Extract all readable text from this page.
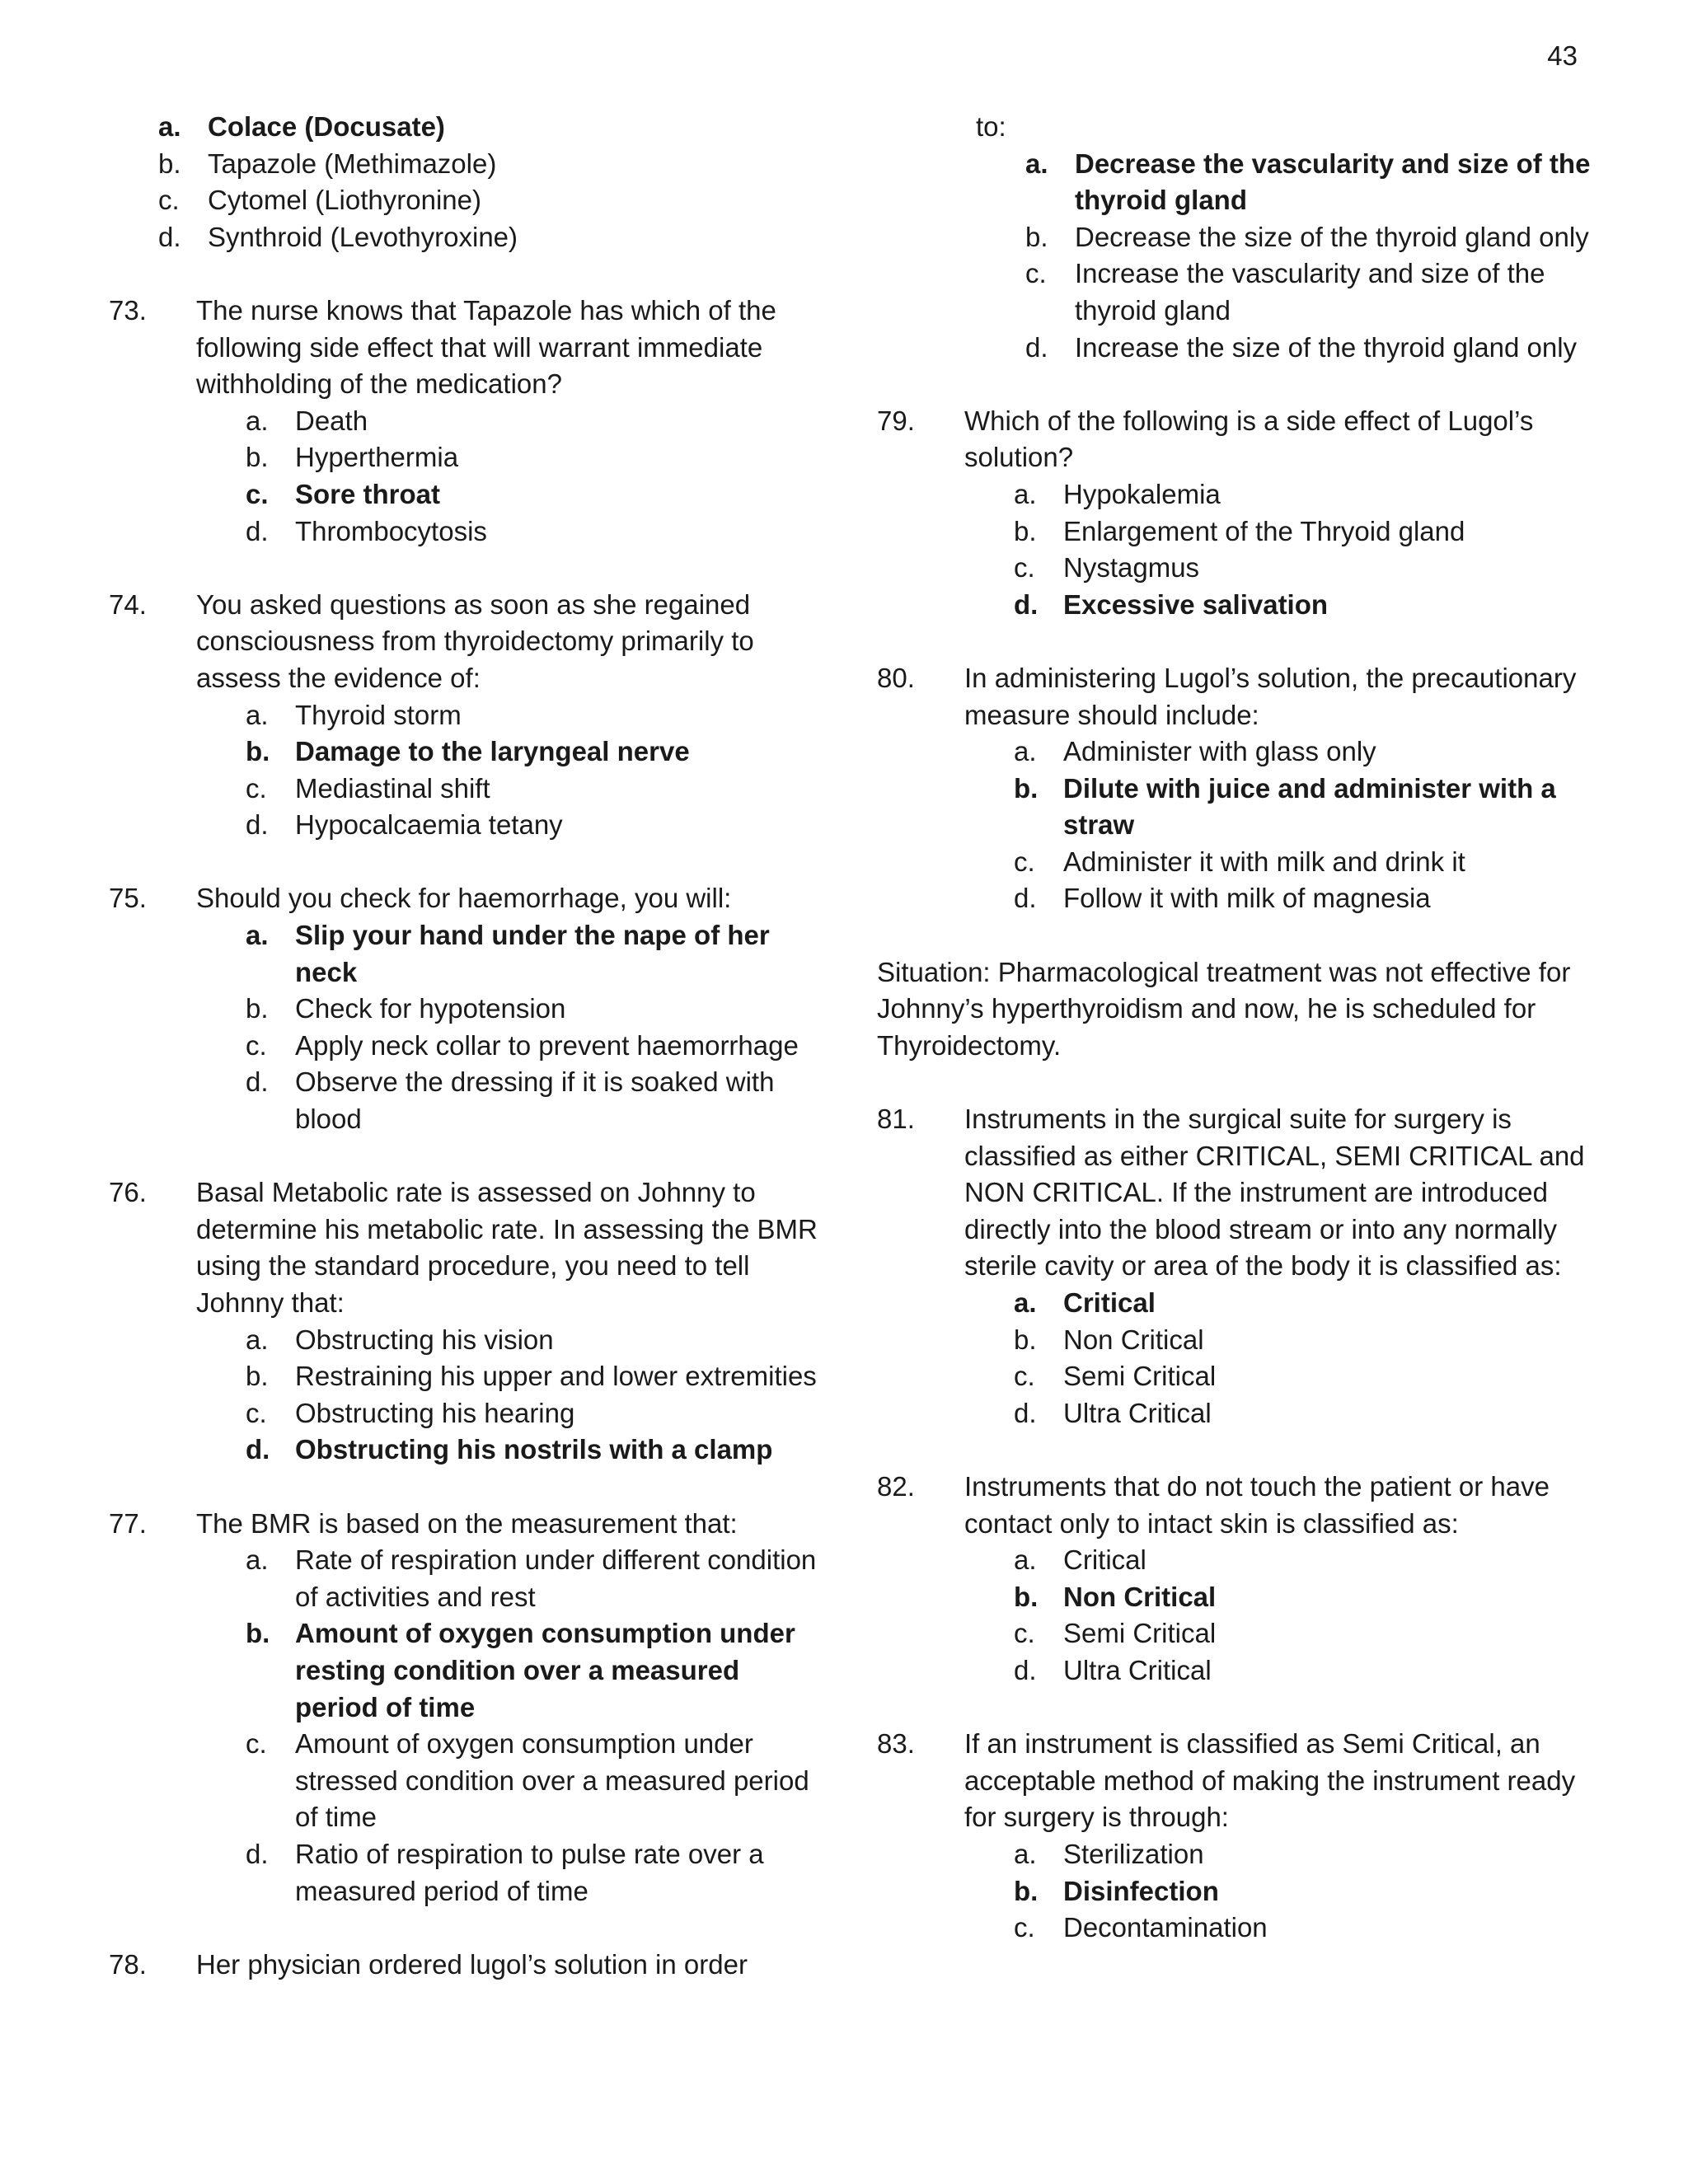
43
a. Colace (Docusate)
b. Tapazole (Methimazole)
c. Cytomel (Liothyronine)
d. Synthroid (Levothyroxine)
73. The nurse knows that Tapazole has which of the following side effect that will warrant immediate withholding of the medication?
a. Death
b. Hyperthermia
c. Sore throat
d. Thrombocytosis
74. You asked questions as soon as she regained consciousness from thyroidectomy primarily to assess the evidence of:
a. Thyroid storm
b. Damage to the laryngeal nerve
c. Mediastinal shift
d. Hypocalcaemia tetany
75. Should you check for haemorrhage, you will:
a. Slip your hand under the nape of her neck
b. Check for hypotension
c. Apply neck collar to prevent haemorrhage
d. Observe the dressing if it is soaked with blood
76. Basal Metabolic rate is assessed on Johnny to determine his metabolic rate. In assessing the BMR using the standard procedure, you need to tell Johnny that:
a. Obstructing his vision
b. Restraining his upper and lower extremities
c. Obstructing his hearing
d. Obstructing his nostrils with a clamp
77. The BMR is based on the measurement that:
a. Rate of respiration under different condition of activities and rest
b. Amount of oxygen consumption under resting condition over a measured period of time
c. Amount of oxygen consumption under stressed condition over a measured period of time
d. Ratio of respiration to pulse rate over a measured period of time
78. Her physician ordered lugol’s solution in order
to:
a. Decrease the vascularity and size of the thyroid gland
b. Decrease the size of the thyroid gland only
c. Increase the vascularity and size of the thyroid gland
d. Increase the size of the thyroid gland only
79. Which of the following is a side effect of Lugol’s solution?
a. Hypokalemia
b. Enlargement of the Thryoid gland
c. Nystagmus
d. Excessive salivation
80. In administering Lugol’s solution, the precautionary measure should include:
a. Administer with glass only
b. Dilute with juice and administer with a straw
c. Administer it with milk and drink it
d. Follow it with milk of magnesia
Situation: Pharmacological treatment was not effective for Johnny’s hyperthyroidism and now, he is scheduled for Thyroidectomy.
81. Instruments in the surgical suite for surgery is classified as either CRITICAL, SEMI CRITICAL and NON CRITICAL. If the instrument are introduced directly into the blood stream or into any normally sterile cavity or area of the body it is classified as:
a. Critical
b. Non Critical
c. Semi Critical
d. Ultra Critical
82. Instruments that do not touch the patient or have contact only to intact skin is classified as:
a. Critical
b. Non Critical
c. Semi Critical
d. Ultra Critical
83. If an instrument is classified as Semi Critical, an acceptable method of making the instrument ready for surgery is through:
a. Sterilization
b. Disinfection
c. Decontamination
